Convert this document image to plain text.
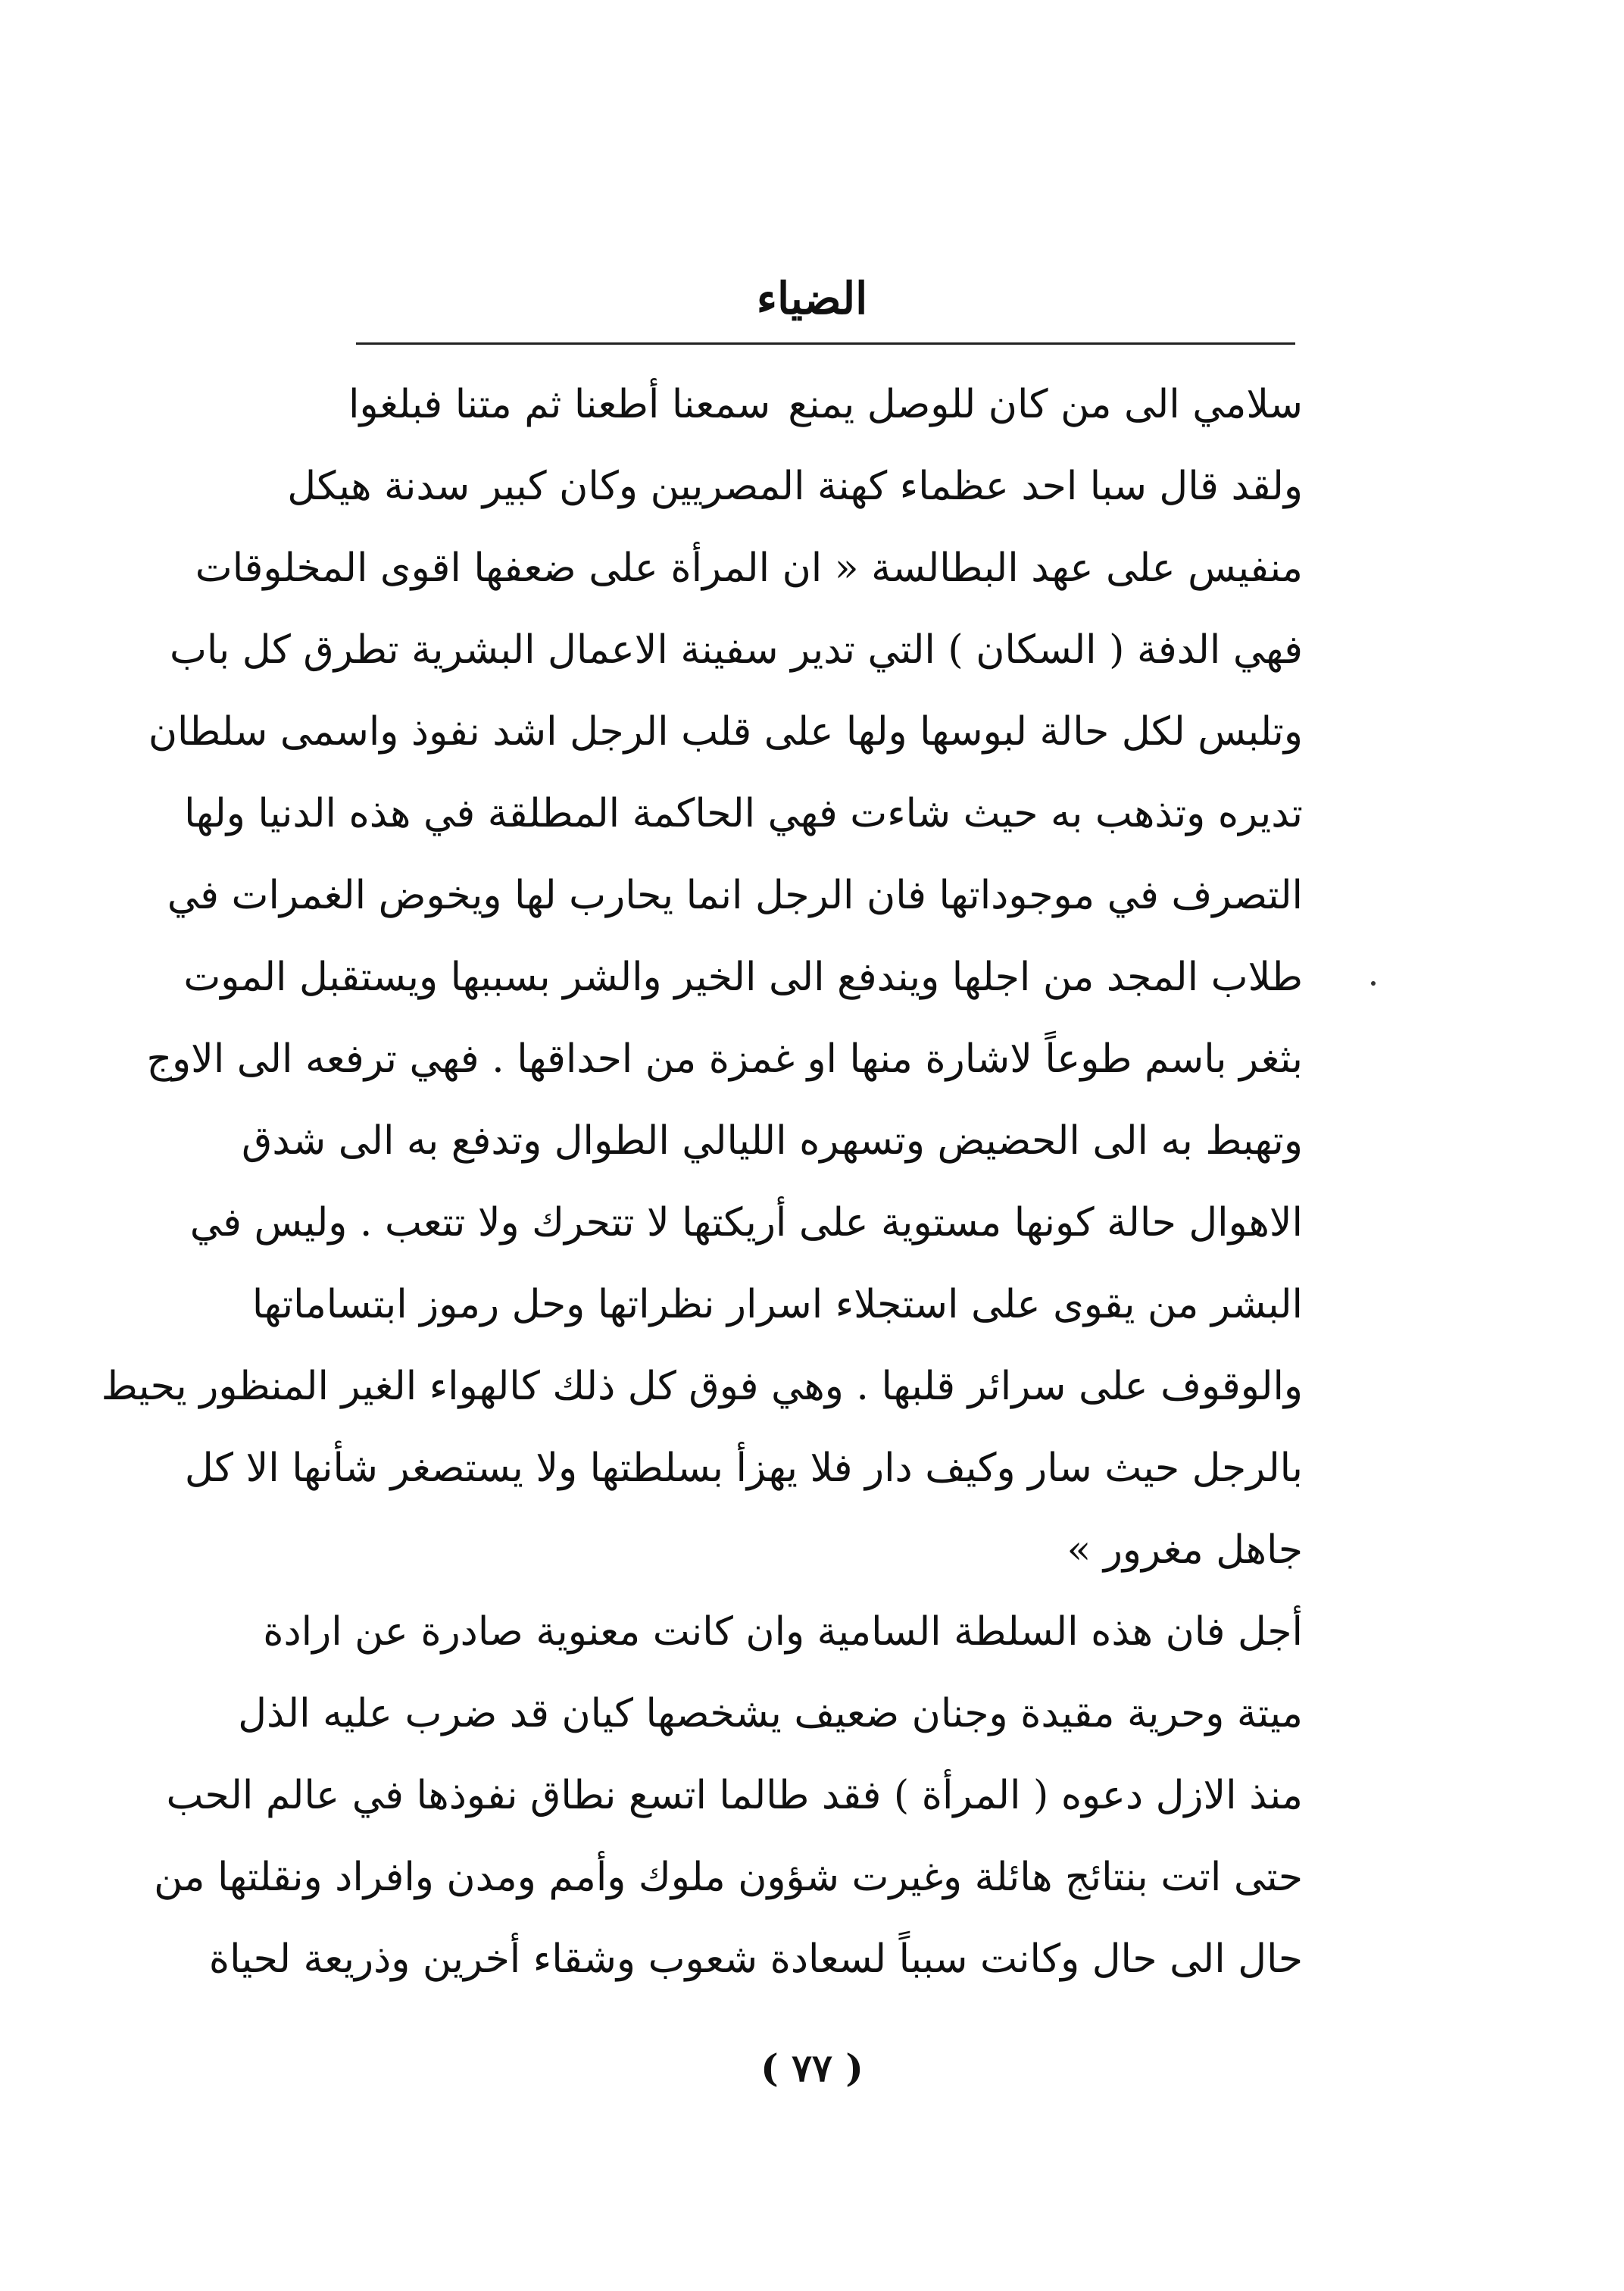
الضياء
سلامي الى من كان للوصل يمنع
سمعنا أطعنا ثم متنا فبلغوا
ولقد قال سبا احد عظماء كهنة المصريين وكان كبير سدنة هيكل
منفيس على عهد البطالسة « ان المرأة على ضعفها اقوى المخلوقات
فهي الدفة ( السكان ) التي تدير سفينة الاعمال البشرية تطرق كل باب
وتلبس لكل حالة لبوسها ولها على قلب الرجل اشد نفوذ واسمى سلطان
تديره وتذهب به حيث شاءت فهي الحاكمة المطلقة في هذه الدنيا ولها
التصرف في موجوداتها فان الرجل انما يحارب لها ويخوض الغمرات في
طلاب المجد من اجلها ويندفع الى الخير والشر بسببها ويستقبل الموت
بثغر باسم طوعاً لاشارة منها او غمزة من احداقها . فهي ترفعه الى الاوج
وتهبط به الى الحضيض وتسهره الليالي الطوال وتدفع به الى شدق
الاهوال حالة كونها مستوية على أريكتها لا تتحرك ولا تتعب . وليس في
البشر من يقوى على استجلاء اسرار نظراتها وحل رموز ابتساماتها
والوقوف على سرائر قلبها . وهي فوق كل ذلك كالهواء الغير المنظور يحيط
بالرجل حيث سار وكيف دار فلا يهزأ بسلطتها ولا يستصغر شأنها الا كل
جاهل مغرور »
أجل فان هذه السلطة السامية وان كانت معنوية صادرة عن ارادة
ميتة وحرية مقيدة وجنان ضعيف يشخصها كيان قد ضرب عليه الذل
منذ الازل دعوه ( المرأة ) فقد طالما اتسع نطاق نفوذها في عالم الحب
حتى اتت بنتائج هائلة وغيرت شؤون ملوك وأمم ومدن وافراد ونقلتها من
حال الى حال وكانت سبباً لسعادة شعوب وشقاء أخرين وذريعة لحياة
( ٧٧ )
